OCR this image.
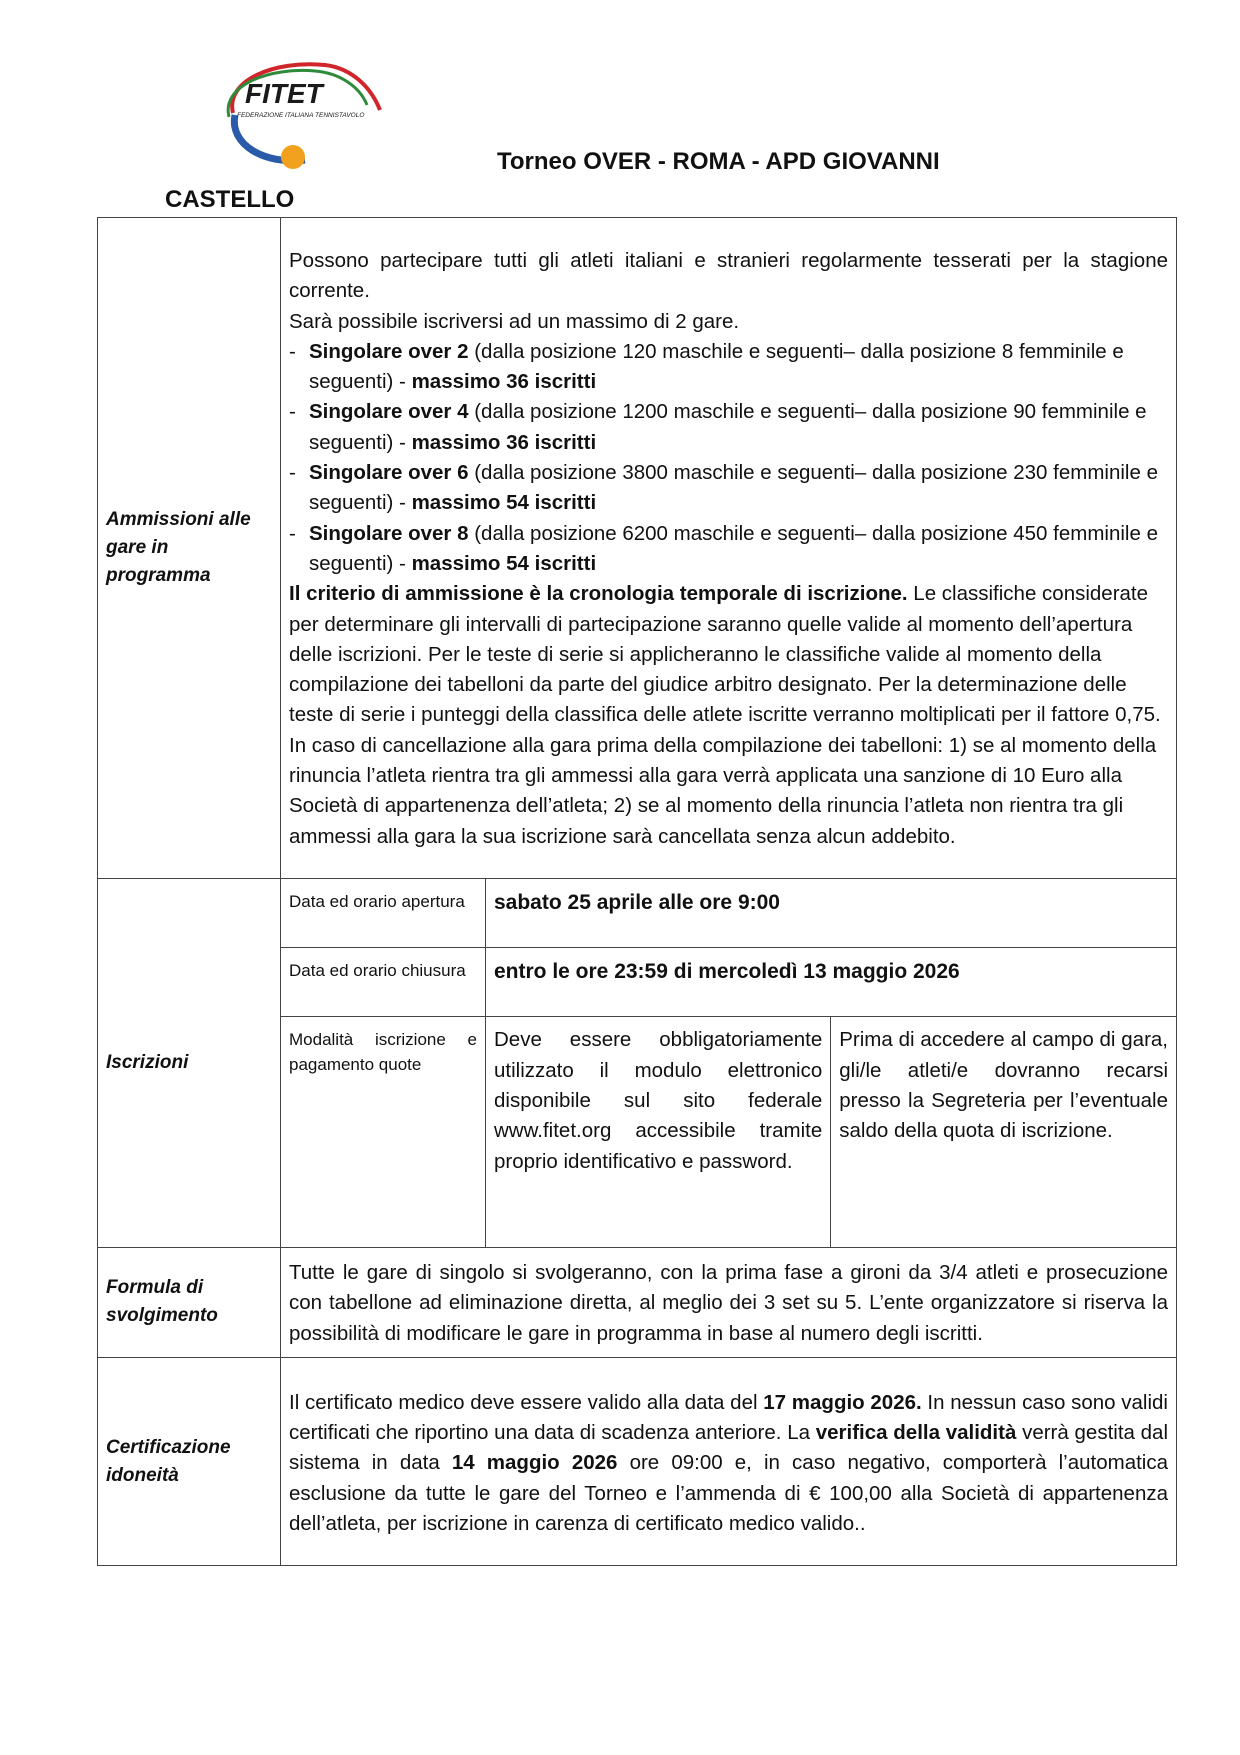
FITET
FEDERAZIONE ITALIANA TENNISTAVOLO
Torneo OVER - ROMA - APD GIOVANNI
CASTELLO
Ammissioni alle gare in programma	

Possono partecipare tutti gli atleti italiani e stranieri regolarmente tesserati per la stagione corrente.

Sarà possibile iscriversi ad un massimo di 2 gare.

- Singolare over 2 (dalla posizione 120 maschile e seguenti– dalla posizione 8 femminile e seguenti) - massimo 36 iscritti
- Singolare over 4 (dalla posizione 1200 maschile e seguenti– dalla posizione 90 femminile e seguenti) - massimo 36 iscritti
- Singolare over 6 (dalla posizione 3800 maschile e seguenti– dalla posizione 230 femminile e seguenti) - massimo 54 iscritti
- Singolare over 8 (dalla posizione 6200 maschile e seguenti– dalla posizione 450 femminile e seguenti) - massimo 54 iscritti

Il criterio di ammissione è la cronologia temporale di iscrizione. Le classifiche considerate per determinare gli intervalli di partecipazione saranno quelle valide al momento dell’apertura delle iscrizioni. Per le teste di serie si applicheranno le classifiche valide al momento della compilazione dei tabelloni da parte del giudice arbitro designato. Per la determinazione delle teste di serie i punteggi della classifica delle atlete iscritte verranno moltiplicati per il fattore 0,75. In caso di cancellazione alla gara prima della compilazione dei tabelloni: 1) se al momento della rinuncia l’atleta rientra tra gli ammessi alla gara verrà applicata una sanzione di 10 Euro alla Società di appartenenza dell’atleta; 2) se al momento della rinuncia l’atleta non rientra tra gli ammessi alla gara la sua iscrizione sarà cancellata senza alcun addebito.

Iscrizioni	
Data ed orario apertura	sabato 25 aprile alle ore 9:00
Data ed orario chiusura	entro le ore 23:59 di mercoledì 13 maggio 2026
Modalità iscrizione e pagamento quote	Deve essere obbligatoriamente utilizzato il modulo elettronico disponibile sul sito federale www.fitet.org accessibile tramite proprio identificativo e password.	Prima di accedere al campo di gara, gli/le atleti/e dovranno recarsi presso la Segreteria per l’eventuale saldo della quota di iscrizione.

Formula di svolgimento	Tutte le gare di singolo si svolgeranno, con la prima fase a gironi da 3/4 atleti e prosecuzione con tabellone ad eliminazione diretta, al meglio dei 3 set su 5. L’ente organizzatore si riserva la possibilità di modificare le gare in programma in base al numero degli iscritti.
Certificazione idoneità	Il certificato medico deve essere valido alla data del 17 maggio 2026. In nessun caso sono validi certificati che riportino una data di scadenza anteriore. La verifica della validità verrà gestita dal sistema in data 14 maggio 2026 ore 09:00 e, in caso negativo, comporterà l’automatica esclusione da tutte le gare del Torneo e l’ammenda di € 100,00 alla Società di appartenenza dell’atleta, per iscrizione in carenza di certificato medico valido..
